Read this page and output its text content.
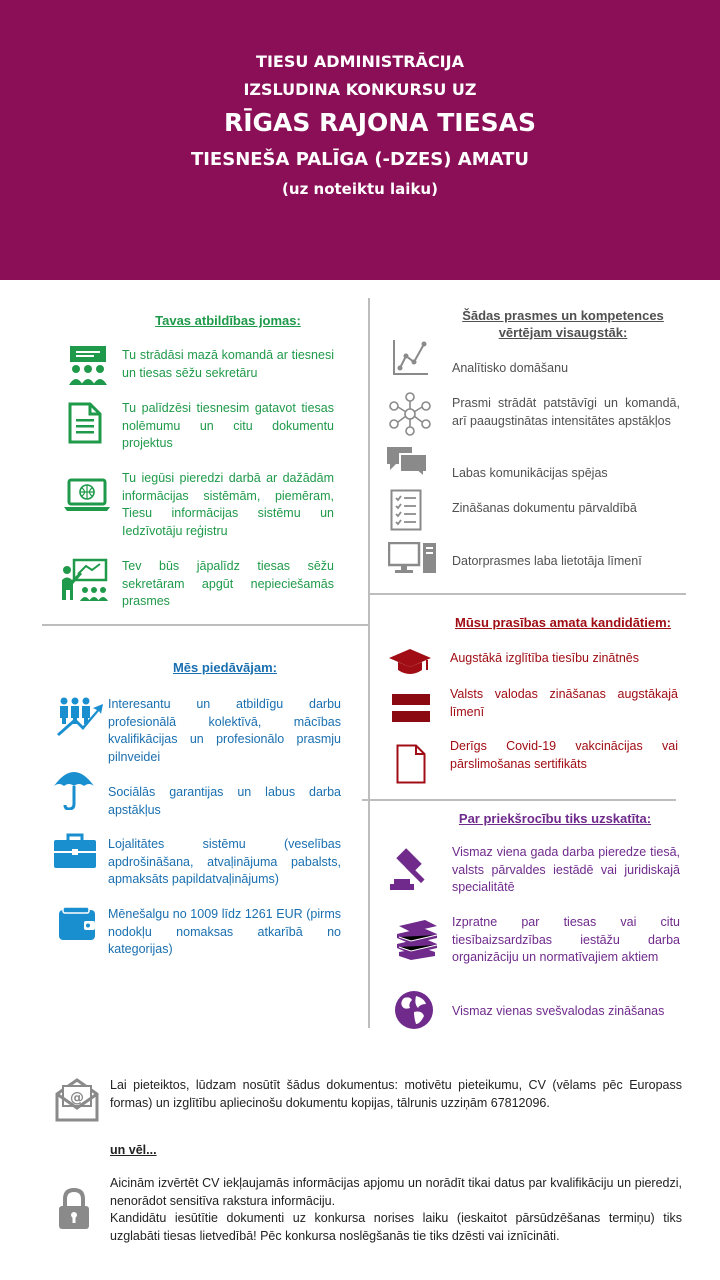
TIESU ADMINISTRĀCIJA
IZSLUDINA KONKURSU UZ
RĪGAS RAJONA TIESAS
TIESNEŠA PALĪGA (-DZES) AMATU
(uz noteiktu laiku)
Tavas atbildības jomas:
Tu strādāsi mazā komandā ar tiesnesi un tiesas sēžu sekretāru
Tu palīdzēsi tiesnesim gatavot tiesas nolēmumu un citu dokumentu projektus
Tu iegūsi pieredzi darbā ar dažādām informācijas sistēmām, piemēram, Tiesu informācijas sistēmu un Iedzīvotāju reģistru
Tev būs jāpalīdz tiesas sēžu sekretāram apgūt nepieciešamās prasmes
Šādas prasmes un kompetences
vērtējam visaugstāk:
Analītisko domāšanu
Prasmi strādāt patstāvīgi un komandā, arī paaugstinātas intensitātes apstākļos
Labas komunikācijas spējas
Zināšanas dokumentu pārvaldībā
Datorprasmes laba lietotāja līmenī
Mēs piedāvājam:
Interesantu un atbildīgu darbu profesionālā kolektīvā, mācības kvalifikācijas un profesionālo prasmju pilnveidei
Sociālās garantijas un labus darba apstākļus
Lojalitātes sistēmu (veselības apdrošināšana, atvaļinājuma pabalsts, apmaksāts papildatvaļinājums)
Mēnešalgu no 1009 līdz 1261 EUR (pirms nodokļu nomaksas atkarībā no kategorijas)
Mūsu prasības amata kandidātiem:
Augstākā izglītība tiesību zinātnēs
Valsts valodas zināšanas augstākajā līmenī
Derīgs Covid-19 vakcinācijas vai pārslimošanas sertifikāts
Par priekšrocību tiks uzskatīta:
Vismaz viena gada darba pieredze tiesā, valsts pārvaldes iestādē vai juridiskajā specialitātē
Izpratne par tiesas vai citu tiesībaizsardzības iestāžu darba organizāciju un normatīvajiem aktiem
Vismaz vienas svešvalodas zināšanas
@
Lai pieteiktos, lūdzam nosūtīt šādus dokumentus: motivētu pieteikumu, CV (vēlams pēc Europass formas) un izglītību apliecinošu dokumentu kopijas, tālrunis uzziņām 67812096.
un vēl...
Aicinām izvērtēt CV iekļaujamās informācijas apjomu un norādīt tikai datus par kvalifikāciju un pieredzi, nenorādot sensitīva rakstura informāciju.
Kandidātu iesūtītie dokumenti uz konkursa norises laiku (ieskaitot pārsūdzēšanas termiņu) tiks uzglabāti tiesas lietvedībā! Pēc konkursa noslēgšanās tie tiks dzēsti vai iznīcināti.
